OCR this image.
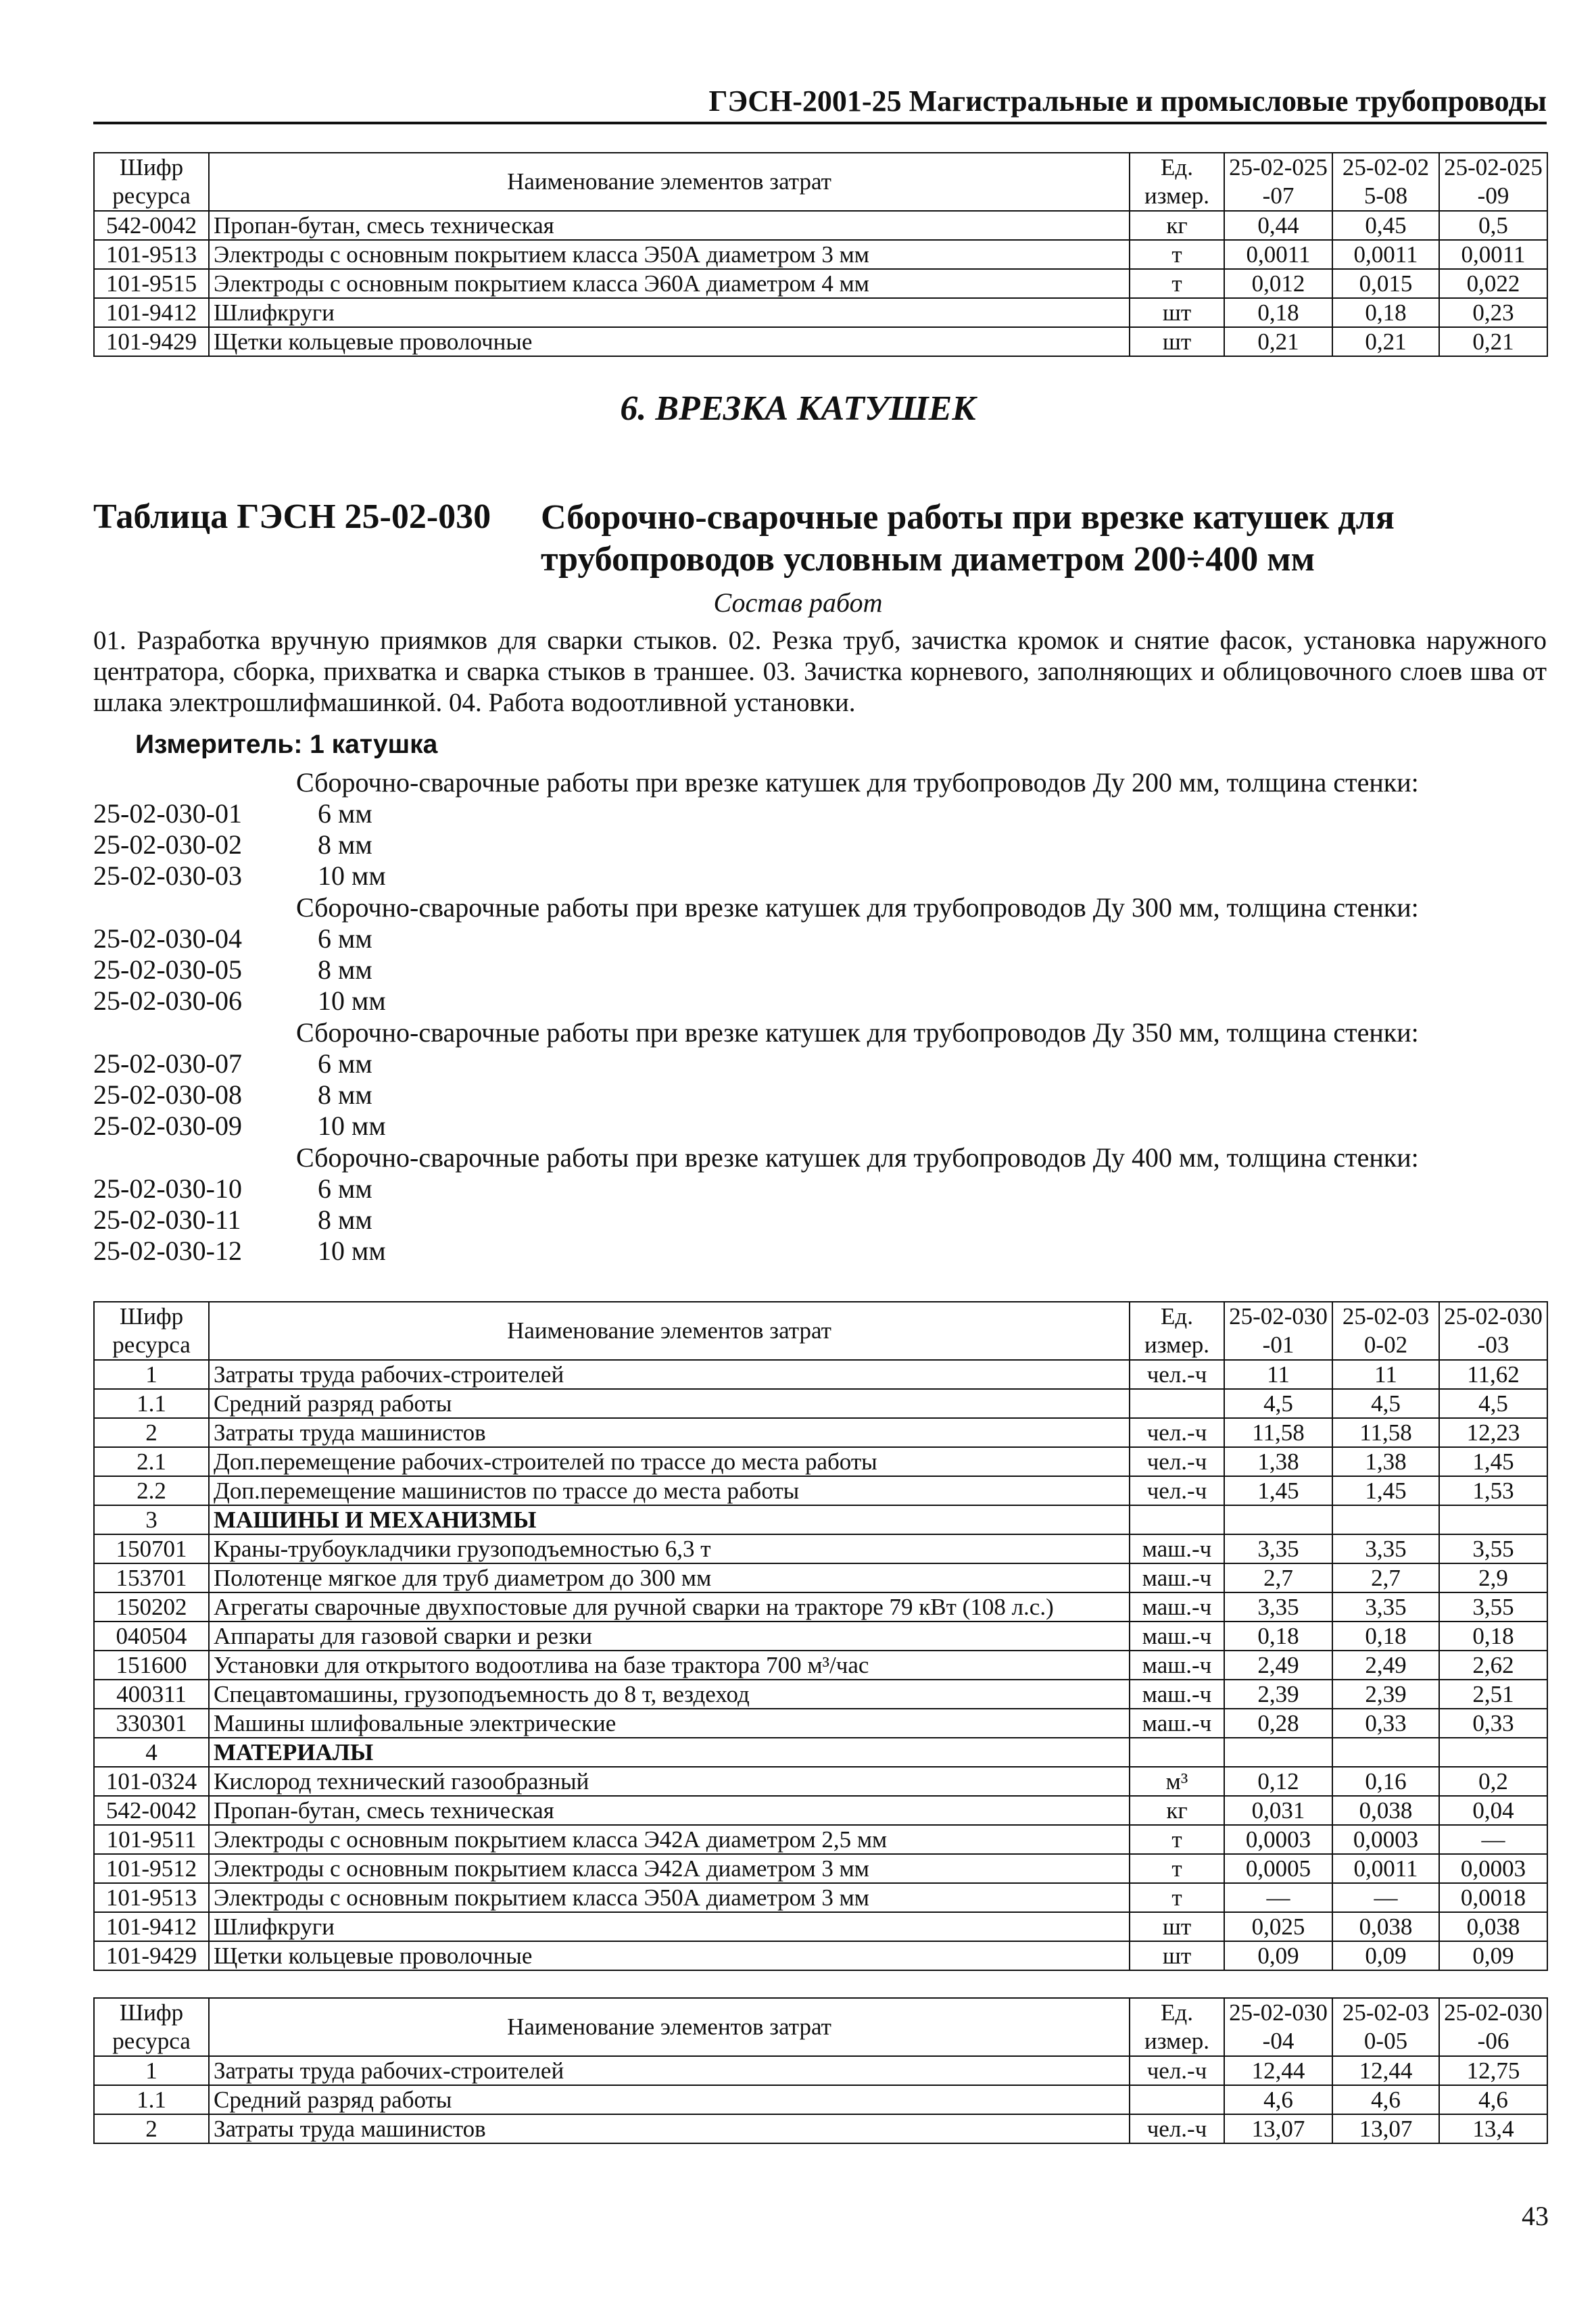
ГЭСН-2001-25 Магистральные и промысловые трубопроводы
Шифр ресурса	Наименование элементов затрат	Ед. измер.	25-02-025-07	25-02-025-08	25-02-025-09
542-0042	Пропан-бутан, смесь техническая	кг	0,44	0,45	0,5
101-9513	Электроды с основным покрытием класса Э50А диаметром 3 мм	т	0,0011	0,0011	0,0011
101-9515	Электроды с основным покрытием класса Э60А диаметром 4 мм	т	0,012	0,015	0,022
101-9412	Шлифкруги	шт	0,18	0,18	0,23
101-9429	Щетки кольцевые проволочные	шт	0,21	0,21	0,21
6. ВРЕЗКА КАТУШЕК
Таблица ГЭСН 25-02-030 Сборочно-сварочные работы при врезке катушек для трубопроводов условным диаметром 200÷400 мм
Состав работ
01. Разработка вручную приямков для сварки стыков. 02. Резка труб, зачистка кромок и снятие фасок, установка наружного центратора, сборка, прихватка и сварка стыков в траншее. 03. Зачистка корневого, заполняющих и облицовочного слоев шва от шлака электрошлифмашинкой. 04. Работа водоотливной установки.
Измеритель: 1 катушка
Сборочно-сварочные работы при врезке катушек для трубопроводов Ду 200 мм, толщина стенки:
25-02-030-01	6 мм
25-02-030-02	8 мм
25-02-030-03	10 мм
Сборочно-сварочные работы при врезке катушек для трубопроводов Ду 300 мм, толщина стенки:
25-02-030-04	6 мм
25-02-030-05	8 мм
25-02-030-06	10 мм
Сборочно-сварочные работы при врезке катушек для трубопроводов Ду 350 мм, толщина стенки:
25-02-030-07	6 мм
25-02-030-08	8 мм
25-02-030-09	10 мм
Сборочно-сварочные работы при врезке катушек для трубопроводов Ду 400 мм, толщина стенки:
25-02-030-10	6 мм
25-02-030-11	8 мм
25-02-030-12	10 мм
Шифр ресурса	Наименование элементов затрат	Ед. измер.	25-02-030-01	25-02-030-02	25-02-030-03
1	Затраты труда рабочих-строителей	чел.-ч	11	11	11,62
1.1	Средний разряд работы		4,5	4,5	4,5
2	Затраты труда машинистов	чел.-ч	11,58	11,58	12,23
2.1	Доп.перемещение рабочих-строителей по трассе до места работы	чел.-ч	1,38	1,38	1,45
2.2	Доп.перемещение машинистов по трассе до места работы	чел.-ч	1,45	1,45	1,53
3	МАШИНЫ И МЕХАНИЗМЫ				
150701	Краны-трубоукладчики грузоподъемностью 6,3 т	маш.-ч	3,35	3,35	3,55
153701	Полотенце мягкое для труб диаметром до 300 мм	маш.-ч	2,7	2,7	2,9
150202	Агрегаты сварочные двухпостовые для ручной сварки на тракторе 79 кВт (108 л.с.)	маш.-ч	3,35	3,35	3,55
040504	Аппараты для газовой сварки и резки	маш.-ч	0,18	0,18	0,18
151600	Установки для открытого водоотлива на базе трактора 700 м³/час	маш.-ч	2,49	2,49	2,62
400311	Спецавтомашины, грузоподъемность до 8 т, вездеход	маш.-ч	2,39	2,39	2,51
330301	Машины шлифовальные электрические	маш.-ч	0,28	0,33	0,33
4	МАТЕРИАЛЫ				
101-0324	Кислород технический газообразный	м³	0,12	0,16	0,2
542-0042	Пропан-бутан, смесь техническая	кг	0,031	0,038	0,04
101-9511	Электроды с основным покрытием класса Э42А диаметром 2,5 мм	т	0,0003	0,0003	—
101-9512	Электроды с основным покрытием класса Э42А диаметром 3 мм	т	0,0005	0,0011	0,0003
101-9513	Электроды с основным покрытием класса Э50А диаметром 3 мм	т	—	—	0,0018
101-9412	Шлифкруги	шт	0,025	0,038	0,038
101-9429	Щетки кольцевые проволочные	шт	0,09	0,09	0,09
Шифр ресурса	Наименование элементов затрат	Ед. измер.	25-02-030-04	25-02-030-05	25-02-030-06
1	Затраты труда рабочих-строителей	чел.-ч	12,44	12,44	12,75
1.1	Средний разряд работы		4,6	4,6	4,6
2	Затраты труда машинистов	чел.-ч	13,07	13,07	13,4
43
